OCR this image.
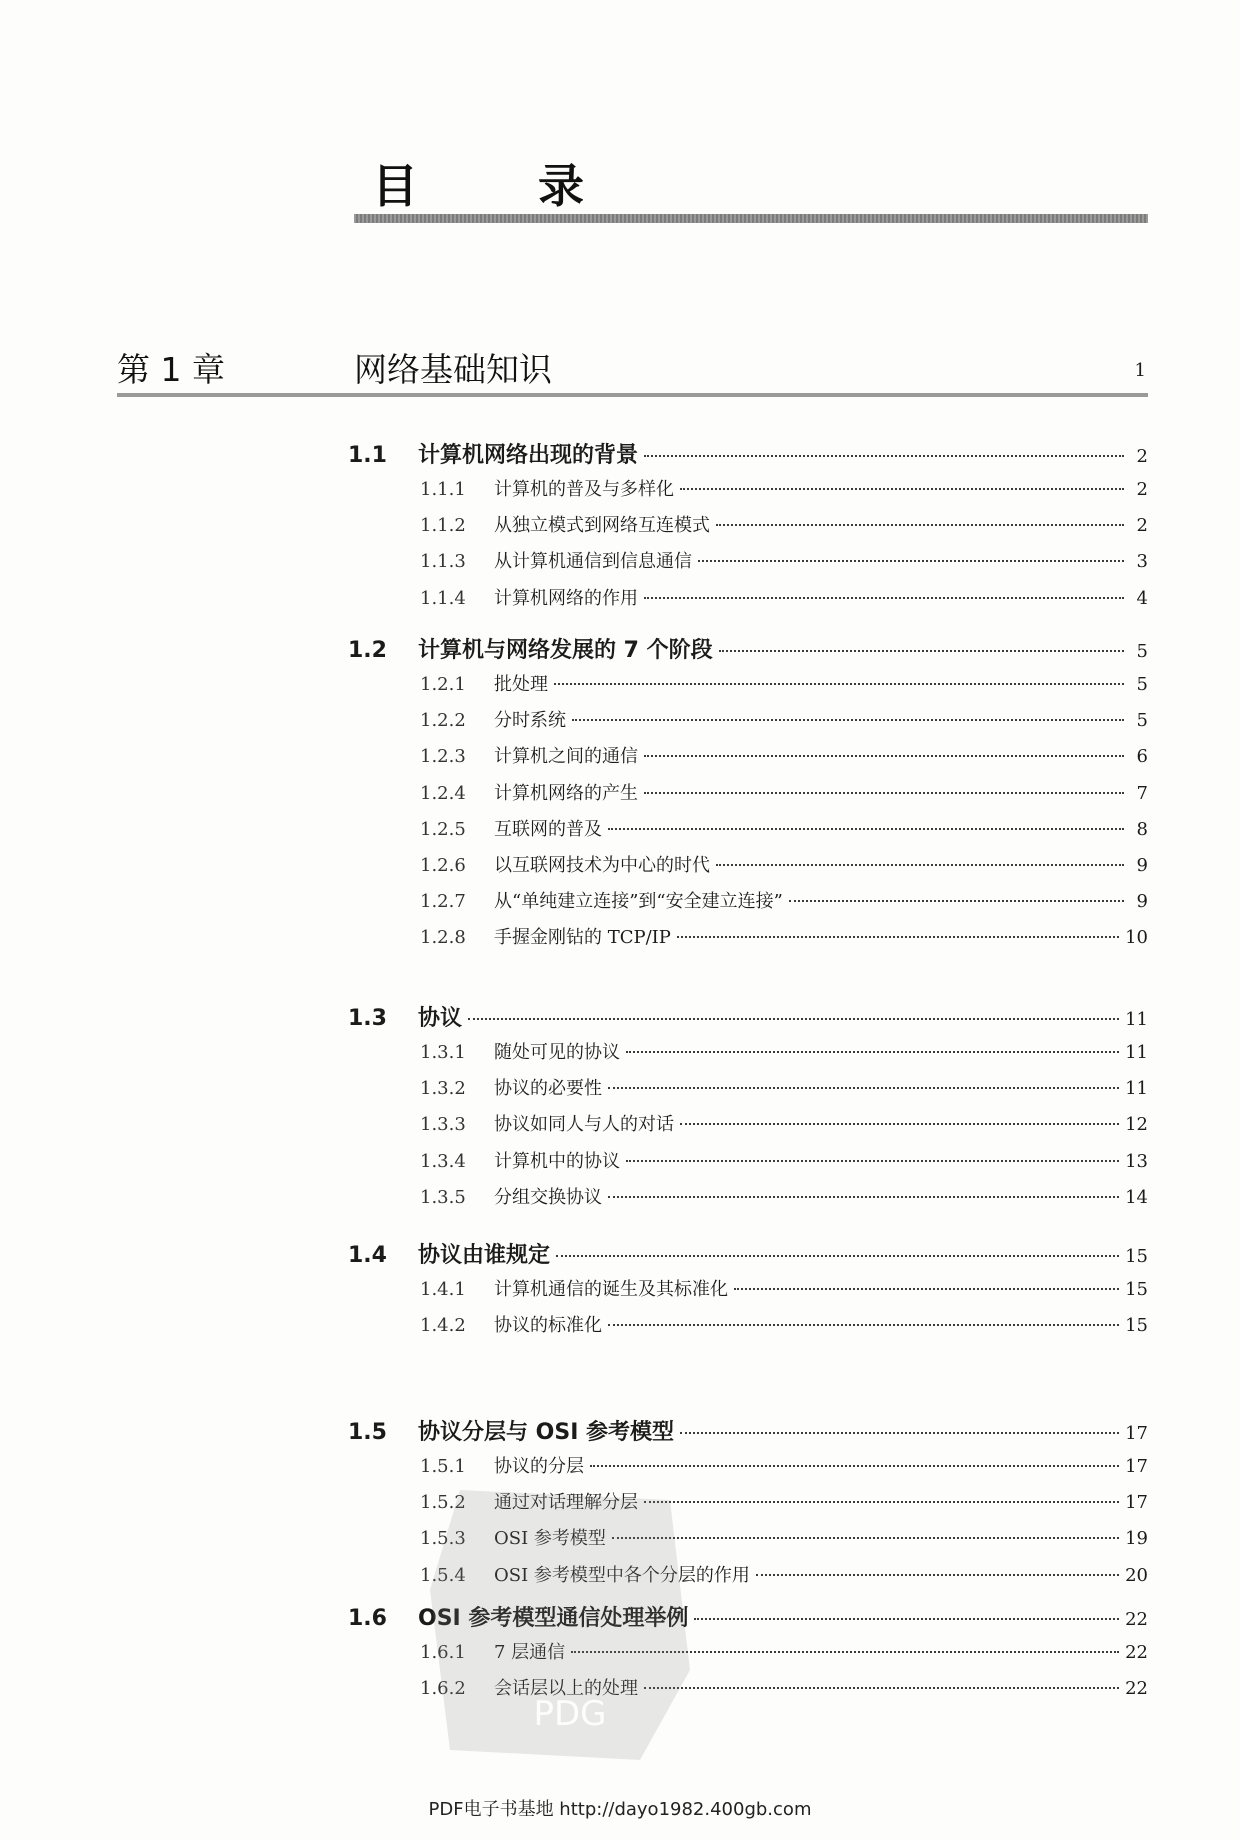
目 录
第 1 章	网络基础知识	1
1.1	计算机网络出现的背景	2
1.1.1	计算机的普及与多样化	2
1.1.2	从独立模式到网络互连模式	2
1.1.3	从计算机通信到信息通信	3
1.1.4	计算机网络的作用	4
1.2	计算机与网络发展的 7 个阶段	5
1.2.1	批处理	5
1.2.2	分时系统	5
1.2.3	计算机之间的通信	6
1.2.4	计算机网络的产生	7
1.2.5	互联网的普及	8
1.2.6	以互联网技术为中心的时代	9
1.2.7	从“单纯建立连接”到“安全建立连接”	9
1.2.8	手握金刚钻的 TCP/IP	10
1.3	协议	11
1.3.1	随处可见的协议	11
1.3.2	协议的必要性	11
1.3.3	协议如同人与人的对话	12
1.3.4	计算机中的协议	13
1.3.5	分组交换协议	14
1.4	协议由谁规定	15
1.4.1	计算机通信的诞生及其标准化	15
1.4.2	协议的标准化	15
1.5	协议分层与 OSI 参考模型	17
1.5.1	协议的分层	17
1.5.2	通过对话理解分层	17
1.5.3	OSI 参考模型	19
1.5.4	OSI 参考模型中各个分层的作用	20
1.6	OSI 参考模型通信处理举例	22
1.6.1	7 层通信	22
1.6.2	会话层以上的处理	22
PDG
PDF电子书基地 http://dayo1982.400gb.com
